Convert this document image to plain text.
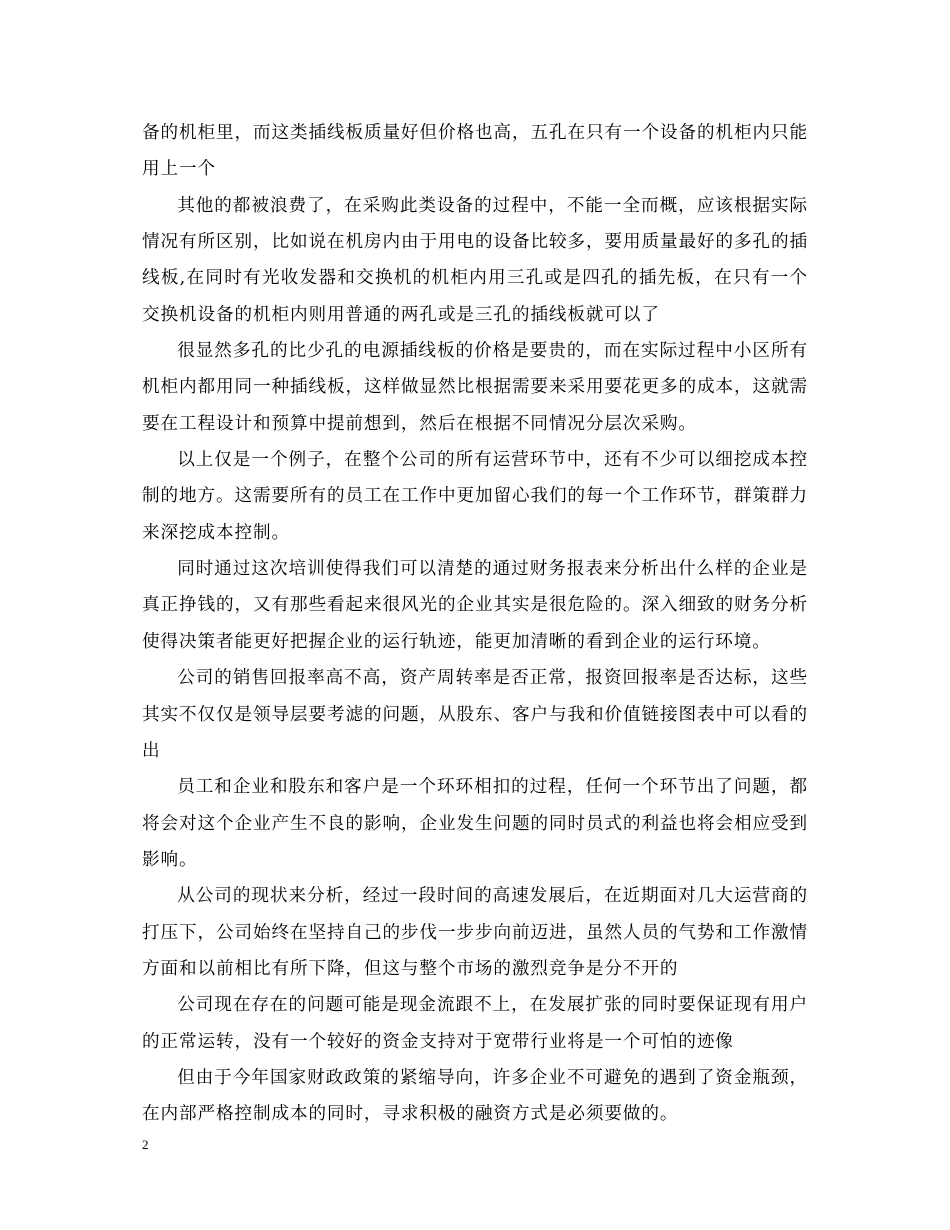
备的机柜里，而这类插线板质量好但价格也高，五孔在只有一个设备的机柜内只能用上一个

其他的都被浪费了，在采购此类设备的过程中，不能一全而概，应该根据实际情况有所区别，比如说在机房内由于用电的设备比较多，要用质量最好的多孔的插线板,在同时有光收发器和交换机的机柜内用三孔或是四孔的插先板，在只有一个交换机设备的机柜内则用普通的两孔或是三孔的插线板就可以了

很显然多孔的比少孔的电源插线板的价格是要贵的，而在实际过程中小区所有机柜内都用同一种插线板，这样做显然比根据需要来采用要花更多的成本，这就需要在工程设计和预算中提前想到，然后在根据不同情况分层次采购。

以上仅是一个例子，在整个公司的所有运营环节中，还有不少可以细挖成本控制的地方。这需要所有的员工在工作中更加留心我们的每一个工作环节，群策群力来深挖成本控制。

同时通过这次培训使得我们可以清楚的通过财务报表来分析出什么样的企业是真正挣钱的，又有那些看起来很风光的企业其实是很危险的。深入细致的财务分析使得决策者能更好把握企业的运行轨迹，能更加清晰的看到企业的运行环境。

公司的销售回报率高不高，资产周转率是否正常，报资回报率是否达标，这些其实不仅仅是领导层要考滤的问题，从股东、客户与我和价值链接图表中可以看的出

员工和企业和股东和客户是一个环环相扣的过程，任何一个环节出了问题，都将会对这个企业产生不良的影响，企业发生问题的同时员式的利益也将会相应受到影响。

从公司的现状来分析，经过一段时间的高速发展后，在近期面对几大运营商的打压下，公司始终在坚持自己的步伐一步步向前迈进，虽然人员的气势和工作激情方面和以前相比有所下降，但这与整个市场的激烈竞争是分不开的

公司现在存在的问题可能是现金流跟不上，在发展扩张的同时要保证现有用户的正常运转，没有一个较好的资金支持对于宽带行业将是一个可怕的迹像

但由于今年国家财政政策的紧缩导向，许多企业不可避免的遇到了资金瓶颈，在内部严格控制成本的同时，寻求积极的融资方式是必须要做的。

2
